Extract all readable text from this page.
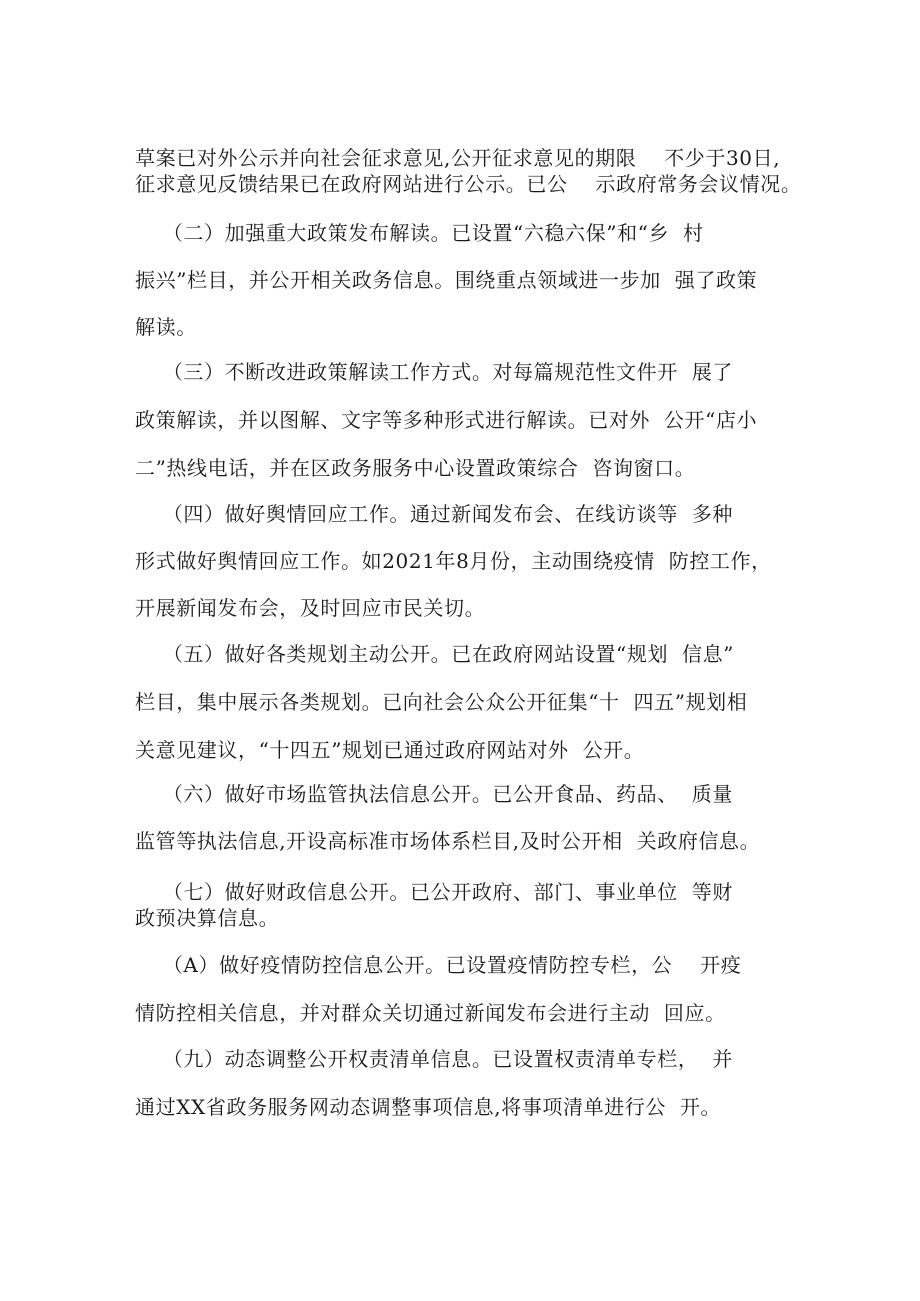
草案已对外公示并向社会征求意见,公开征求意见的期限    不少于30日,
征求意见反馈结果已在政府网站进行公示。已公    示政府常务会议情况。
（二）加强重大政策发布解读。已设置“六稳六保”和“乡  村
振兴”栏目，并公开相关政务信息。围绕重点领域进一步加  强了政策
解读。
（三）不断改进政策解读工作方式。对每篇规范性文件开  展了
政策解读，并以图解、文字等多种形式进行解读。已对外  公开“店小
二”热线电话，并在区政务服务中心设置政策综合  咨询窗口。
（四）做好舆情回应工作。通过新闻发布会、在线访谈等  多种
形式做好舆情回应工作。如2021年8月份，主动围绕疫情  防控工作，
开展新闻发布会，及时回应市民关切。
（五）做好各类规划主动公开。已在政府网站设置“规划  信息”
栏目，集中展示各类规划。已向社会公众公开征集“十  四五”规划相
关意见建议，“十四五”规划已通过政府网站对外  公开。
（六）做好市场监管执法信息公开。已公开食品、药品、  质量
监管等执法信息,开设高标准市场体系栏目,及时公开相  关政府信息。
（七）做好财政信息公开。已公开政府、部门、事业单位  等财
政预决算信息。
（A）做好疫情防控信息公开。已设置疫情防控专栏，公    开疫
情防控相关信息，并对群众关切通过新闻发布会进行主动  回应。
（九）动态调整公开权责清单信息。已设置权责清单专栏，  并
通过XX省政务服务网动态调整事项信息,将事项清单进行公  开。
